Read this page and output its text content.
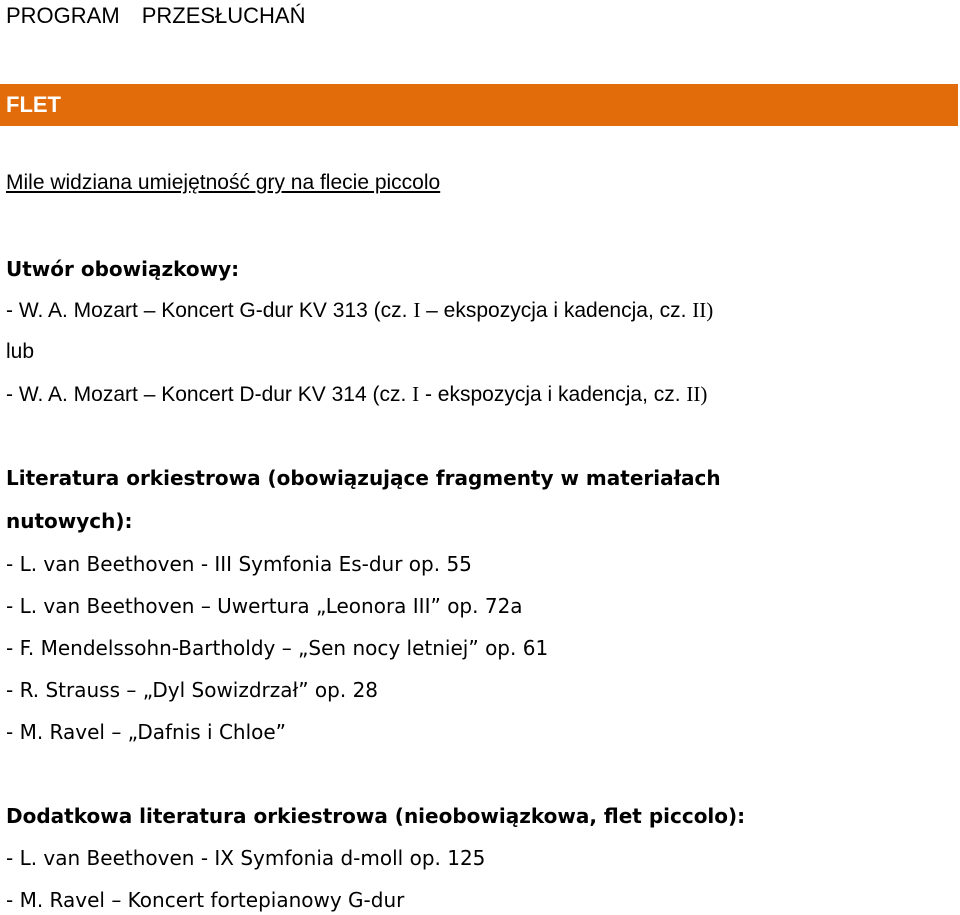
PROGRAM PRZESŁUCHAŃ
FLET
Mile widziana umiejętność gry na flecie piccolo
Utwór obowiązkowy:
- W. A. Mozart – Koncert G-dur KV 313 (cz. I – ekspozycja i kadencja, cz. II)
lub
- W. A. Mozart – Koncert D-dur KV 314 (cz. I - ekspozycja i kadencja, cz. II)
Literatura orkiestrowa (obowiązujące fragmenty w materiałach
nutowych):
- L. van Beethoven - III Symfonia Es-dur op. 55
- L. van Beethoven – Uwertura „Leonora III” op. 72a
- F. Mendelssohn-Bartholdy – „Sen nocy letniej” op. 61
- R. Strauss – „Dyl Sowizdrzał” op. 28
- M. Ravel – „Dafnis i Chloe”
Dodatkowa literatura orkiestrowa (nieobowiązkowa, flet piccolo):
- L. van Beethoven - IX Symfonia d-moll op. 125
- M. Ravel – Koncert fortepianowy G-dur
